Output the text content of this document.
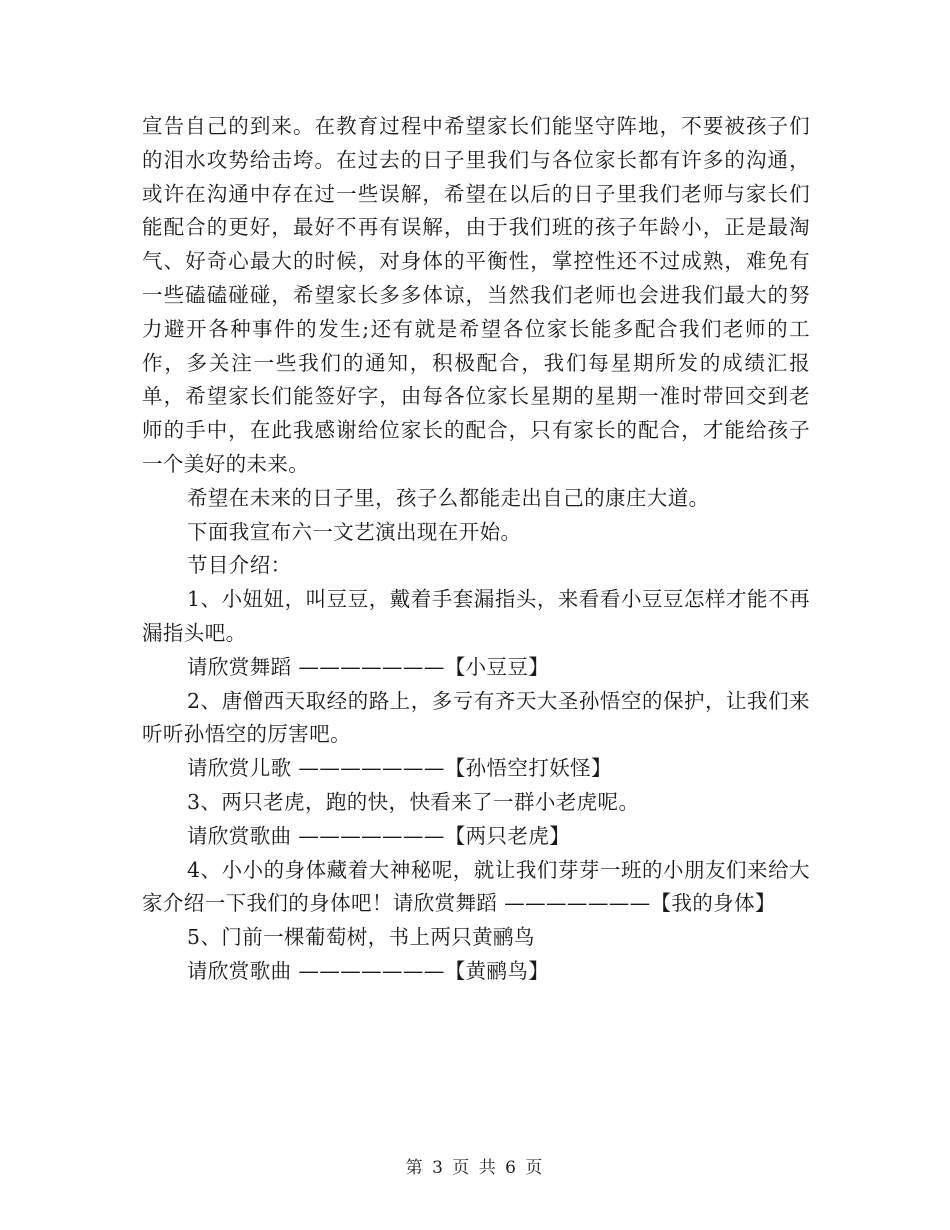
宣告自己的到来。在教育过程中希望家长们能坚守阵地，不要被孩子们的泪水攻势给击垮。在过去的日子里我们与各位家长都有许多的沟通，或许在沟通中存在过一些误解，希望在以后的日子里我们老师与家长们能配合的更好，最好不再有误解，由于我们班的孩子年龄小，正是最淘气、好奇心最大的时候，对身体的平衡性，掌控性还不过成熟，难免有一些磕磕碰碰，希望家长多多体谅，当然我们老师也会进我们最大的努力避开各种事件的发生;还有就是希望各位家长能多配合我们老师的工作，多关注一些我们的通知，积极配合，我们每星期所发的成绩汇报单，希望家长们能签好字，由每各位家长星期的星期一准时带回交到老师的手中，在此我感谢给位家长的配合，只有家长的配合，才能给孩子一个美好的未来。

希望在未来的日子里，孩子么都能走出自己的康庄大道。

下面我宣布六一文艺演出现在开始。

节目介绍：

1、小妞妞，叫豆豆，戴着手套漏指头，来看看小豆豆怎样才能不再漏指头吧。

请欣赏舞蹈 ———————【小豆豆】

2、唐僧西天取经的路上，多亏有齐天大圣孙悟空的保护，让我们来听听孙悟空的厉害吧。

请欣赏儿歌 ———————【孙悟空打妖怪】

3、两只老虎，跑的快，快看来了一群小老虎呢。

请欣赏歌曲 ———————【两只老虎】

4、小小的身体藏着大神秘呢，就让我们芽芽一班的小朋友们来给大家介绍一下我们的身体吧！请欣赏舞蹈 ———————【我的身体】

5、门前一棵葡萄树，书上两只黄鹂鸟

请欣赏歌曲 ———————【黄鹂鸟】

第 3 页 共 6 页
